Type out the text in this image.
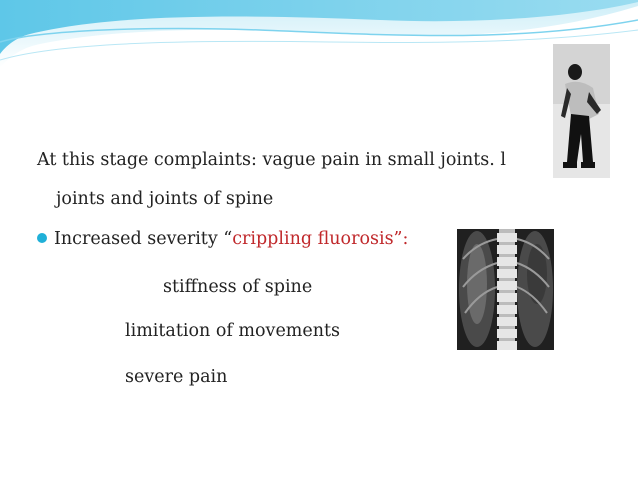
At this stage complaints: vague pain in small joints. l
joints and joints of spine
Increased severity “crippling fluorosis”:
stiffness of spine
limitation of movements
severe pain
